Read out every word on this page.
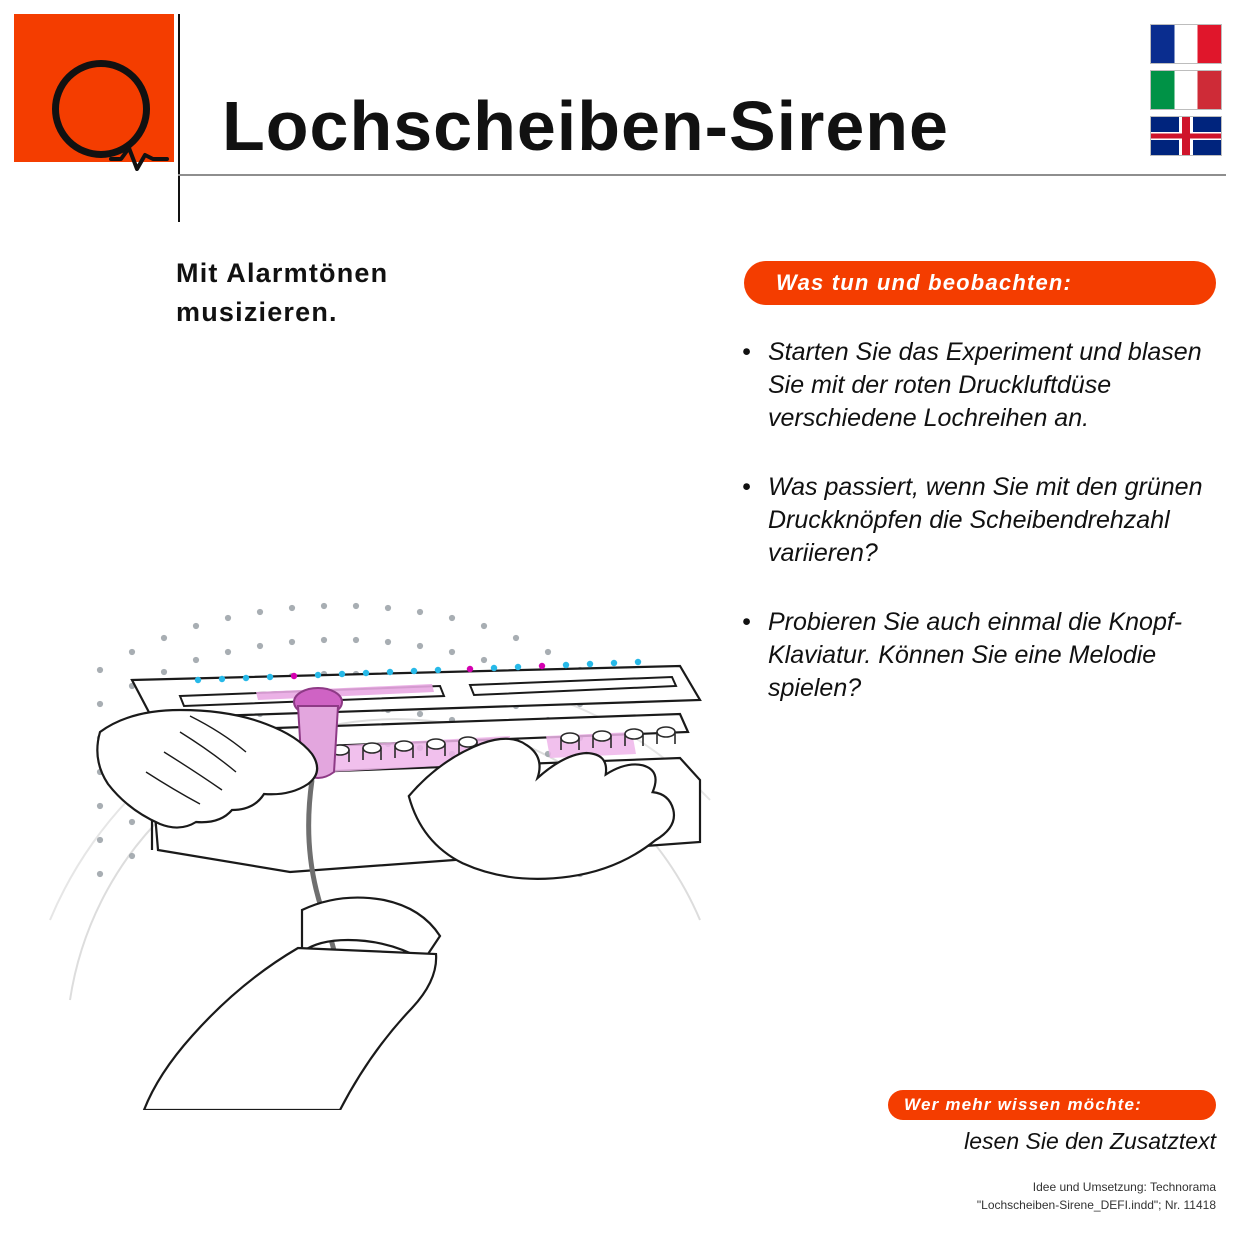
Lochscheiben-Sirene
Mit Alarmtönen
musizieren.
Was tun und beobachten:
• Starten Sie das Experiment und blasen Sie mit der roten Druckluftdüse verschiedene Lochreihen an.
• Was passiert, wenn Sie mit den grünen Druckknöpfen die Scheibendrehzahl variieren?
• Probieren Sie auch einmal die Knopf-Klaviatur. Können Sie eine Melodie spielen?
Wer mehr wissen möchte:
lesen Sie den Zusatztext
Idee und Umsetzung: Technorama
"Lochscheiben-Sirene_DEFI.indd"; Nr. 11418
